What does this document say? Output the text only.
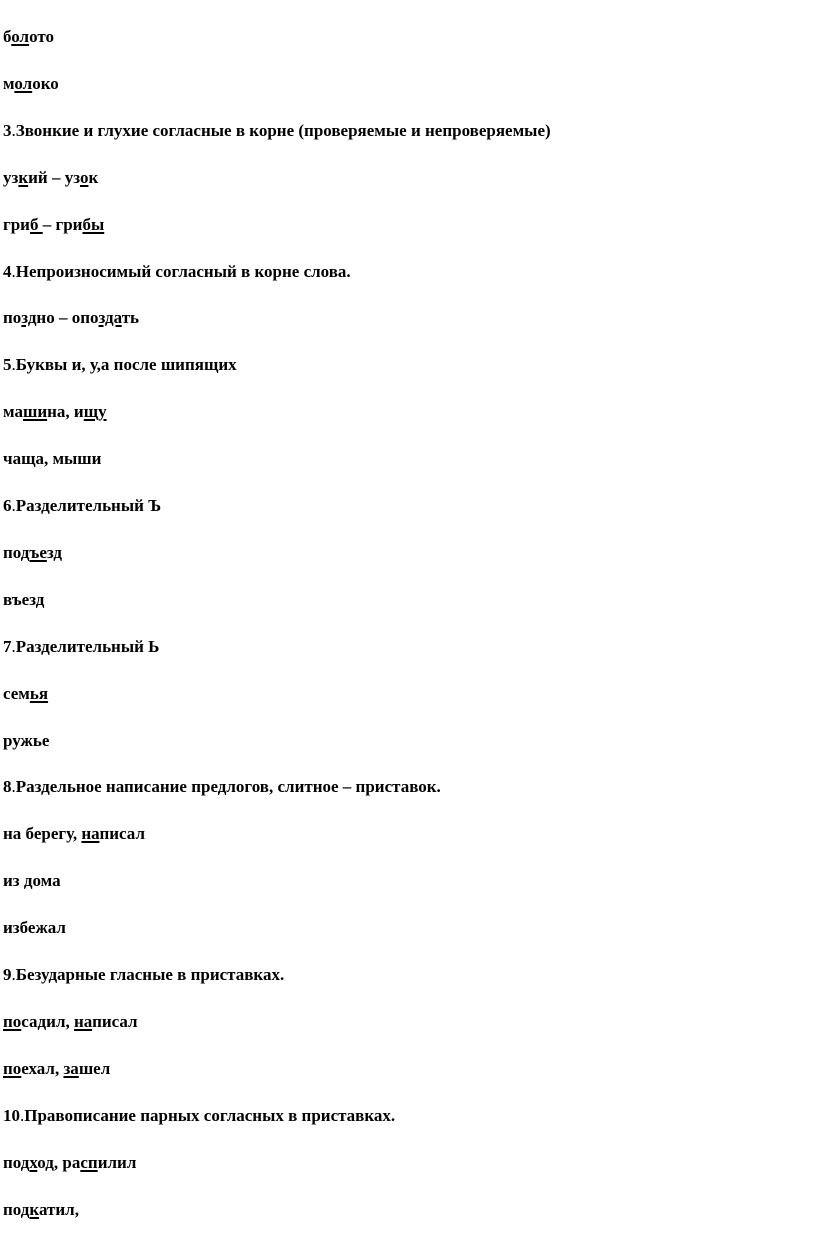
болото
молоко
3.Звонкие и глухие согласные в корне (проверяемые и непроверяемые)
узкий – узок
гриб – грибы
4.Непроизносимый согласный в корне слова.
поздно – опоздать
5.Буквы и, у,а после шипящих
машина, ищу
чаща, мыши
6.Разделительный Ъ
подъезд
въезд
7.Разделительный Ь
семья
ружье
8.Раздельное написание предлогов, слитное – приставок.
на берегу, написал
из дома
избежал
9.Безударные гласные в приставках.
посадил, написал
поехал, зашел
10.Правописание парных согласных в приставках.
подход, распилил
подкатил,
